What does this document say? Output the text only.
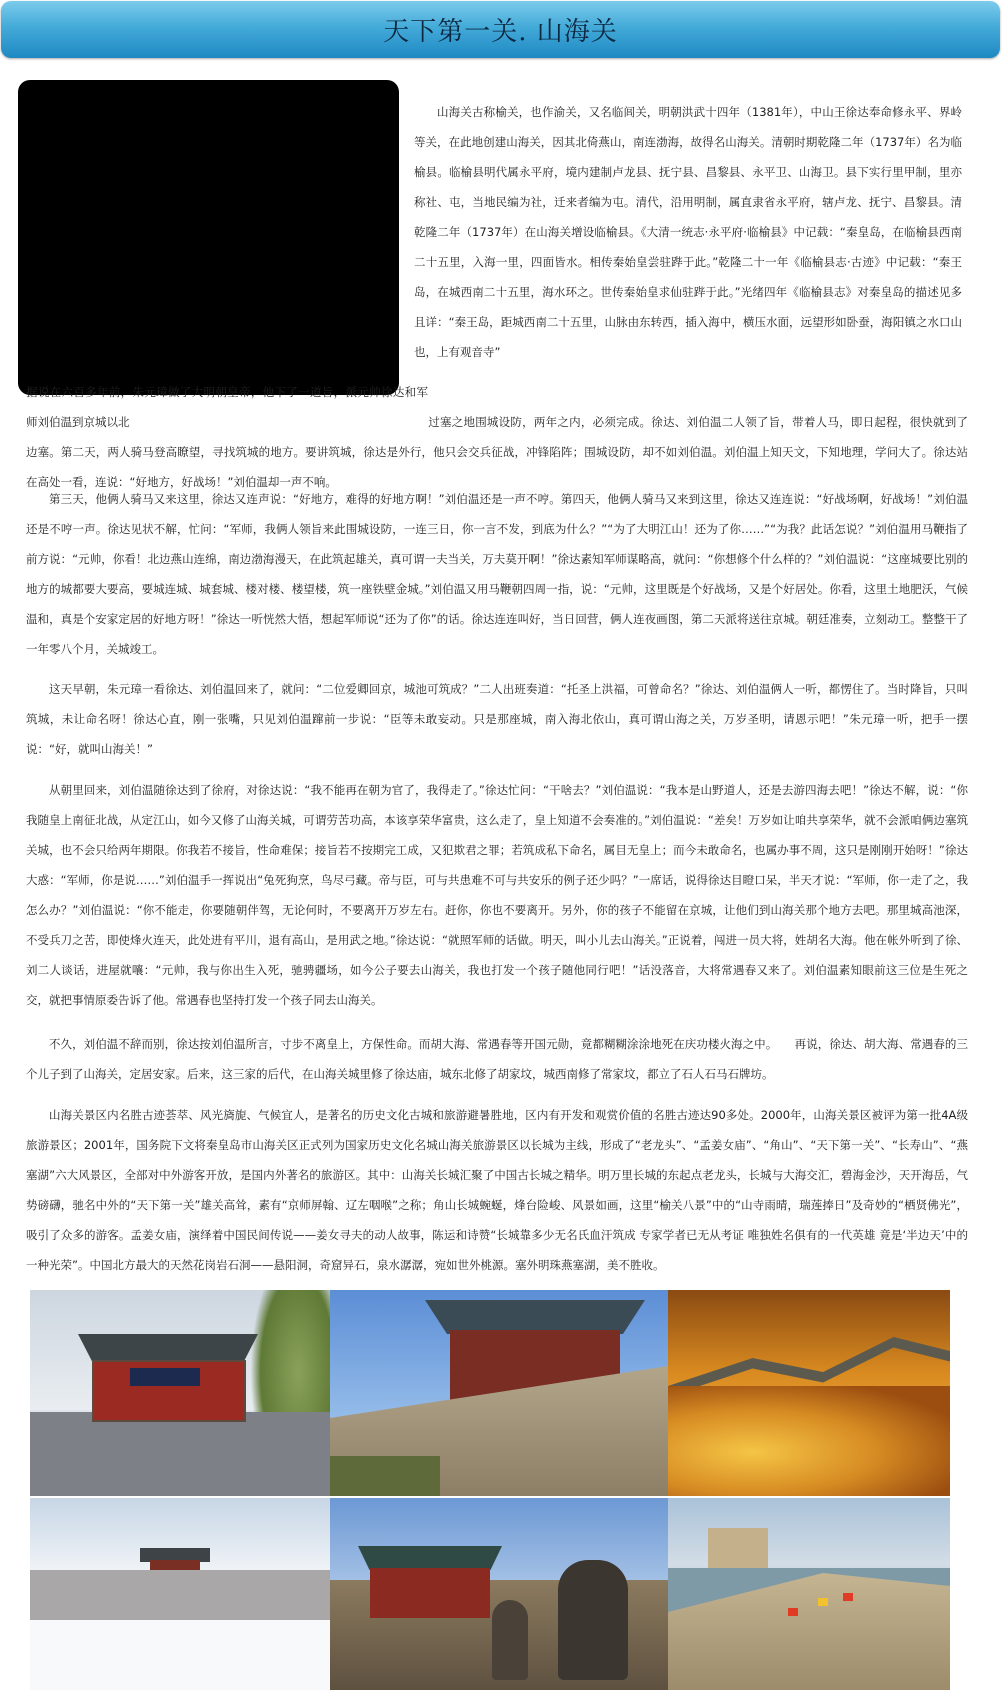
天下第一关. 山海关

山海关古称榆关，也作渝关，又名临闾关，明朝洪武十四年（1381年），中山王徐达奉命修永平、界岭等关，在此地创建山海关，因其北倚燕山，南连渤海，故得名山海关。清朝时期乾隆二年（1737年）名为临榆县。临榆县明代属永平府，境内建制卢龙县、抚宁县、昌黎县、永平卫、山海卫。县下实行里甲制，里亦称社、屯，当地民编为社，迁来者编为屯。清代，沿用明制，属直隶省永平府，辖卢龙、抚宁、昌黎县。清乾隆二年（1737年）在山海关增设临榆县。《大清一统志·永平府·临榆县》中记载：“秦皇岛，在临榆县西南二十五里，入海一里，四面皆水。相传秦始皇尝驻跸于此。”乾隆二十一年《临榆县志·古迹》中记载：“秦王岛，在城西南二十五里，海水环之。世传秦始皇求仙驻跸于此。”光绪四年《临榆县志》对秦皇岛的描述见多且详：“秦王岛，距城西南二十五里，山脉由东转西，插入海中，横压水面，远望形如卧蚕，海阳镇之水口山也，上有观音寺”

据说在六百多年前，朱元璋做了大明朝皇帝，他下了一道旨，派元帅徐达和军师刘伯温到京城以北	过塞之地围城设防，两年之内，必须完成。徐达、刘伯温二人领了旨，带着人马，即日起程，很快就到了边塞。第二天，两人骑马登高瞭望，寻找筑城的地方。要讲筑城，徐达是外行，他只会交兵征战，冲锋陷阵；围城设防，却不如刘伯温。刘伯温上知天文，下知地理，学问大了。徐达站在高处一看，连说：“好地方，好战场！”刘伯温却一声不响。

第三天，他俩人骑马又来这里，徐达又连声说：“好地方，难得的好地方啊！”刘伯温还是一声不哼。第四天，他俩人骑马又来到这里，徐达又连连说：“好战场啊，好战场！”刘伯温还是不哼一声。徐达见状不解，忙问：“军师，我俩人领旨来此围城设防，一连三日，你一言不发，到底为什么？”“为了大明江山！还为了你……”“为我？此话怎说？”刘伯温用马鞭指了前方说：“元帅，你看！北边燕山连绵，南边渤海漫天，在此筑起雄关，真可谓一夫当关，万夫莫开啊！”徐达素知军师谋略高，就问：“你想修个什么样的？”刘伯温说：“这座城要比别的地方的城都要大要高，要城连城、城套城、楼对楼、楼望楼，筑一座铁壁金城。”刘伯温又用马鞭朝四周一指，说：“元帅，这里既是个好战场，又是个好居处。你看，这里土地肥沃，气候温和，真是个安家定居的好地方呀！”徐达一听恍然大悟，想起军师说“还为了你”的话。徐达连连叫好，当日回营，俩人连夜画图，第二天派将送往京城。朝廷准奏，立刻动工。整整干了一年零八个月，关城竣工。

这天早朝，朱元璋一看徐达、刘伯温回来了，就问：“二位爱卿回京，城池可筑成？”二人出班奏道：“托圣上洪福，可曾命名？”徐达、刘伯温俩人一听，都愣住了。当时降旨，只叫筑城，未让命名呀！徐达心直，刚一张嘴，只见刘伯温蹿前一步说：“臣等未敢妄动。只是那座城，南入海北依山，真可谓山海之关，万岁圣明，请恩示吧！”朱元璋一听，把手一摆说：“好，就叫山海关！”

从朝里回来，刘伯温随徐达到了徐府，对徐达说：“我不能再在朝为官了，我得走了。”徐达忙问：“干啥去？”刘伯温说：“我本是山野道人，还是去游四海去吧！”徐达不解，说：“你我随皇上南征北战，从定江山，如今又修了山海关城，可谓劳苦功高，本该享荣华富贵，这么走了，皇上知道不会奏准的。”刘伯温说：“差矣！万岁如让咱共享荣华，就不会派咱俩边塞筑关城，也不会只给两年期限。你我若不接旨，性命难保；接旨若不按期完工成，又犯欺君之罪；若筑成私下命名，属目无皇上；而今未敢命名，也属办事不周，这只是刚刚开始呀！”徐达大惑：“军师，你是说……”刘伯温手一挥说出“兔死狗烹，鸟尽弓藏。帝与臣，可与共患难不可与共安乐的例子还少吗？”一席话，说得徐达目瞪口呆，半天才说：“军师，你一走了之，我怎么办？”刘伯温说：“你不能走，你要随朝伴驾，无论何时，不要离开万岁左右。赶你，你也不要离开。另外，你的孩子不能留在京城，让他们到山海关那个地方去吧。那里城高池深，不受兵刀之苦，即使烽火连天，此处进有平川，退有高山，是用武之地。”徐达说：“就照军师的话做。明天，叫小儿去山海关。”正说着，闯进一员大将，姓胡名大海。他在帐外听到了徐、刘二人谈话，进屋就嚷：“元帅，我与你出生入死，驰骋疆场，如今公子要去山海关，我也打发一个孩子随他同行吧！”话没落音，大将常遇春又来了。刘伯温素知眼前这三位是生死之交，就把事情原委告诉了他。常遇春也坚持打发一个孩子同去山海关。

不久，刘伯温不辞而别，徐达按刘伯温所言，寸步不离皇上，方保性命。而胡大海、常遇春等开国元勋，竟都糊糊涂涂地死在庆功楼火海之中。　　再说，徐达、胡大海、常遇春的三个儿子到了山海关，定居安家。后来，这三家的后代，在山海关城里修了徐达庙，城东北修了胡家坟，城西南修了常家坟，都立了石人石马石牌坊。

山海关景区内名胜古迹荟萃、风光旖旎、气候宜人，是著名的历史文化古城和旅游避暑胜地，区内有开发和观赏价值的名胜古迹达90多处。2000年，山海关景区被评为第一批4A级旅游景区；2001年，国务院下文将秦皇岛市山海关区正式列为国家历史文化名城山海关旅游景区以长城为主线，形成了“老龙头”、“孟姜女庙”、“角山”、“天下第一关”、“长寿山”、“燕塞湖”六大风景区，全部对中外游客开放，是国内外著名的旅游区。其中：山海关长城汇聚了中国古长城之精华。明万里长城的东起点老龙头，长城与大海交汇，碧海金沙，天开海岳，气势磅礴，驰名中外的“天下第一关”雄关高耸，素有“京师屏翰、辽左咽喉”之称；角山长城蜿蜒，烽台险峻、风景如画，这里“榆关八景”中的“山寺雨晴，瑞莲捧日”及奇妙的“栖贤佛光”，吸引了众多的游客。孟姜女庙，演绎着中国民间传说——姜女寻夫的动人故事，陈运和诗赞“长城靠多少无名氏血汗筑成 专家学者已无从考证 唯独姓名俱有的一代英雄 竟是‘半边天’中的一种光荣”。中国北方最大的天然花岗岩石洞——悬阳洞，奇窟异石，泉水潺潺，宛如世外桃源。塞外明珠燕塞湖，美不胜收。
